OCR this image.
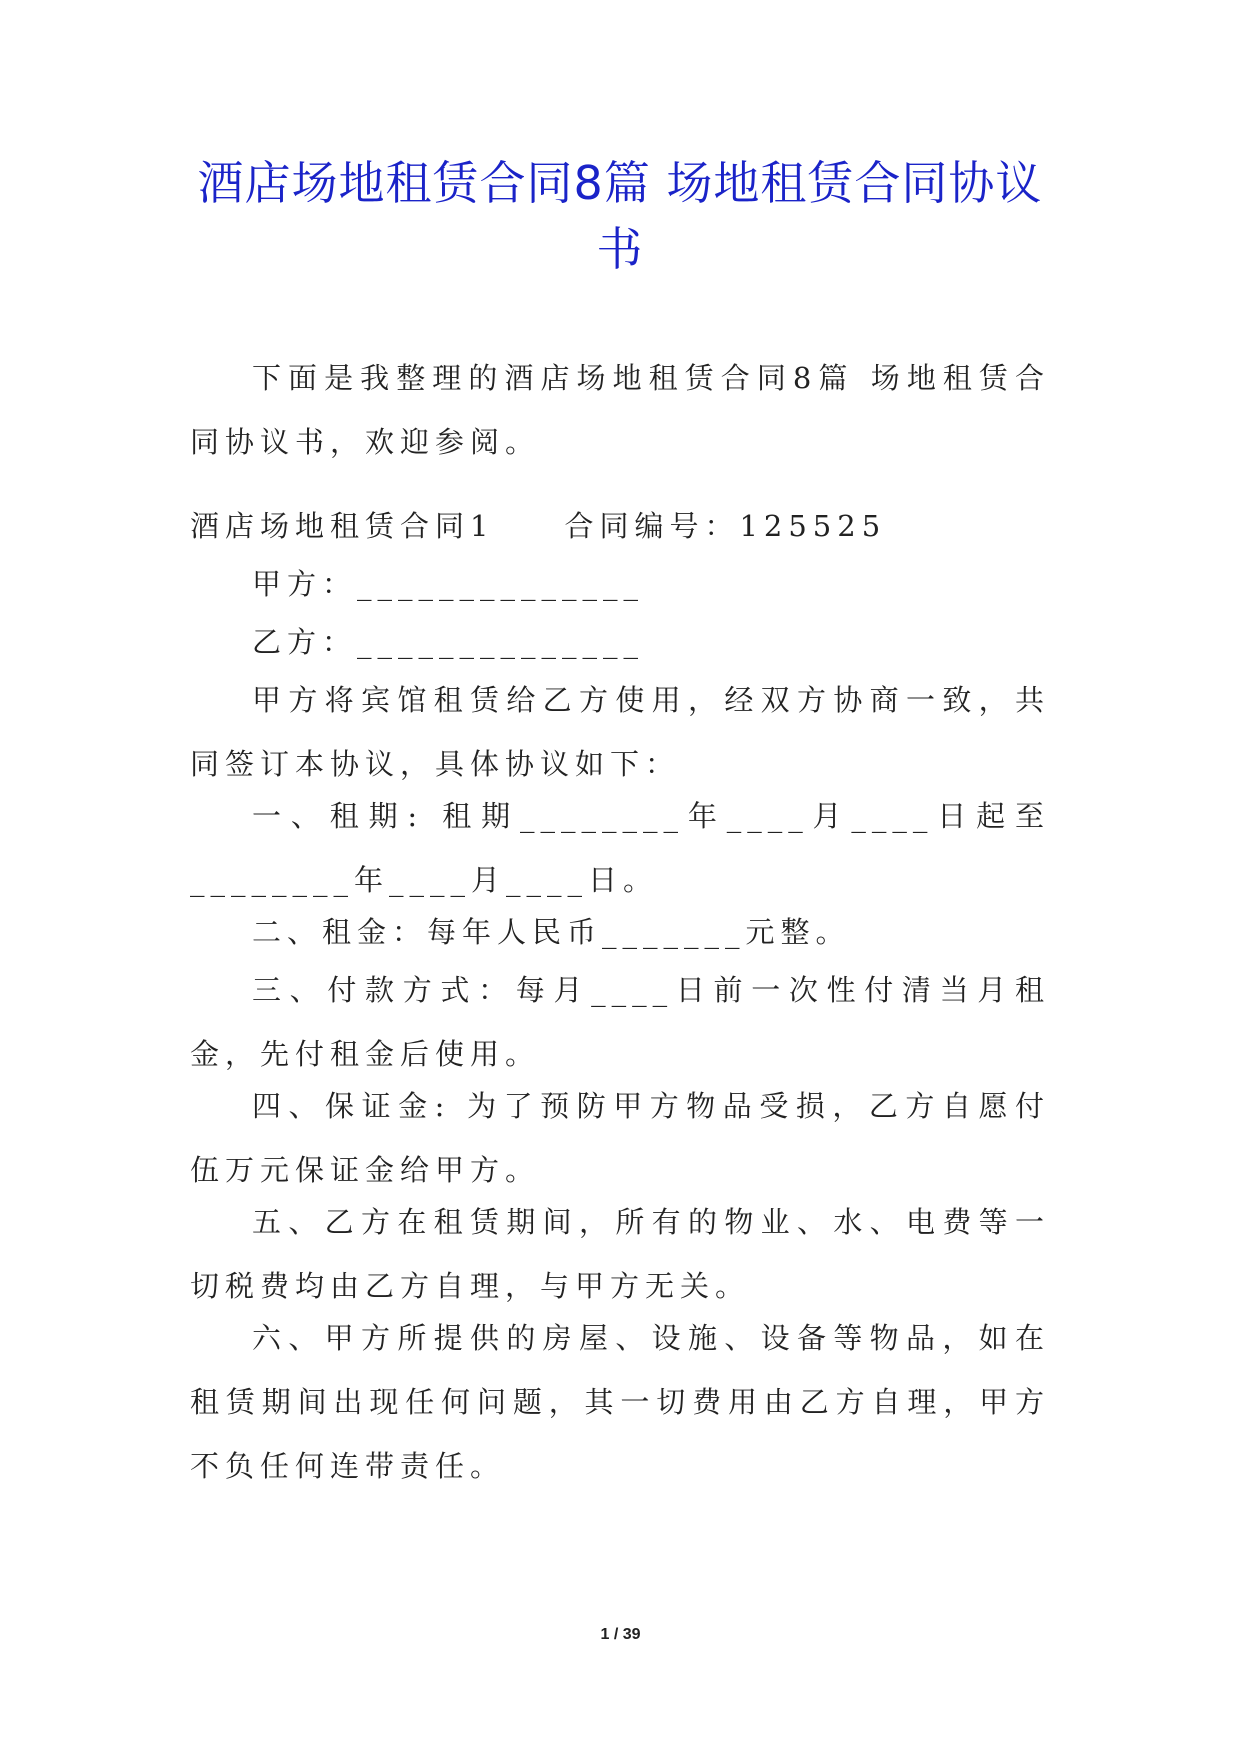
酒店场地租赁合同8篇 场地租赁合同协议书

下面是我整理的酒店场地租赁合同8篇 场地租赁合同协议书，欢迎参阅。

酒店场地租赁合同1　　合同编号：125525

甲方：______________

乙方：______________

甲方将宾馆租赁给乙方使用，经双方协商一致，共同签订本协议，具体协议如下：

一、租期: 租期________年____月____日起至________年____月____日。

二、租金：每年人民币_______元整。

三、付款方式：每月____日前一次性付清当月租金，先付租金后使用。

四、保证金: 为了预防甲方物品受损，乙方自愿付伍万元保证金给甲方。

五、乙方在租赁期间，所有的物业、水、电费等一切税费均由乙方自理，与甲方无关。

六、甲方所提供的房屋、设施、设备等物品，如在租赁期间出现任何问题，其一切费用由乙方自理，甲方不负任何连带责任。

1 / 39
